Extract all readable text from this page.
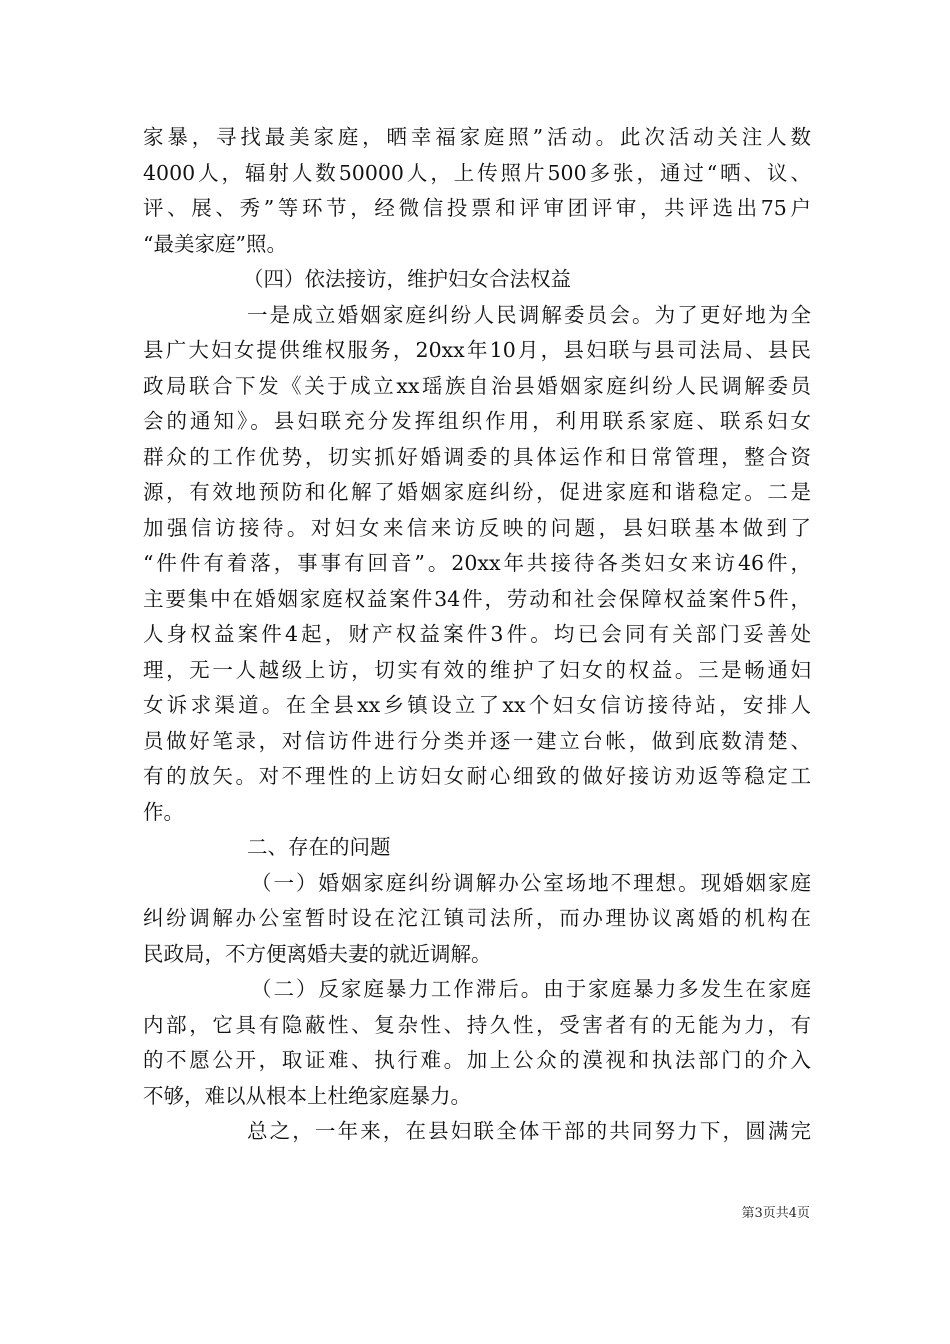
家暴，寻找最美家庭，晒幸福家庭照”活动。此次活动关注人数
4000人，辐射人数50000人，上传照片500多张，通过“晒、议、
评、展、秀”等环节，经微信投票和评审团评审，共评选出75户
“最美家庭”照。
（四）依法接访，维护妇女合法权益
一是成立婚姻家庭纠纷人民调解委员会。为了更好地为全
县广大妇女提供维权服务，20xx年10月，县妇联与县司法局、县民
政局联合下发《关于成立xx瑶族自治县婚姻家庭纠纷人民调解委员
会的通知》。县妇联充分发挥组织作用，利用联系家庭、联系妇女
群众的工作优势，切实抓好婚调委的具体运作和日常管理，整合资
源，有效地预防和化解了婚姻家庭纠纷，促进家庭和谐稳定。二是
加强信访接待。对妇女来信来访反映的问题，县妇联基本做到了
“件件有着落，事事有回音”。20xx年共接待各类妇女来访46件，
主要集中在婚姻家庭权益案件34件，劳动和社会保障权益案件5件，
人身权益案件4起，财产权益案件3件。均已会同有关部门妥善处
理，无一人越级上访，切实有效的维护了妇女的权益。三是畅通妇
女诉求渠道。在全县xx乡镇设立了xx个妇女信访接待站，安排人
员做好笔录，对信访件进行分类并逐一建立台帐，做到底数清楚、
有的放矢。对不理性的上访妇女耐心细致的做好接访劝返等稳定工
作。
二、存在的问题
（一）婚姻家庭纠纷调解办公室场地不理想。现婚姻家庭
纠纷调解办公室暂时设在沱江镇司法所，而办理协议离婚的机构在
民政局，不方便离婚夫妻的就近调解。
（二）反家庭暴力工作滞后。由于家庭暴力多发生在家庭
内部，它具有隐蔽性、复杂性、持久性，受害者有的无能为力，有
的不愿公开，取证难、执行难。加上公众的漠视和执法部门的介入
不够，难以从根本上杜绝家庭暴力。
总之，一年来，在县妇联全体干部的共同努力下，圆满完
第3页共4页
